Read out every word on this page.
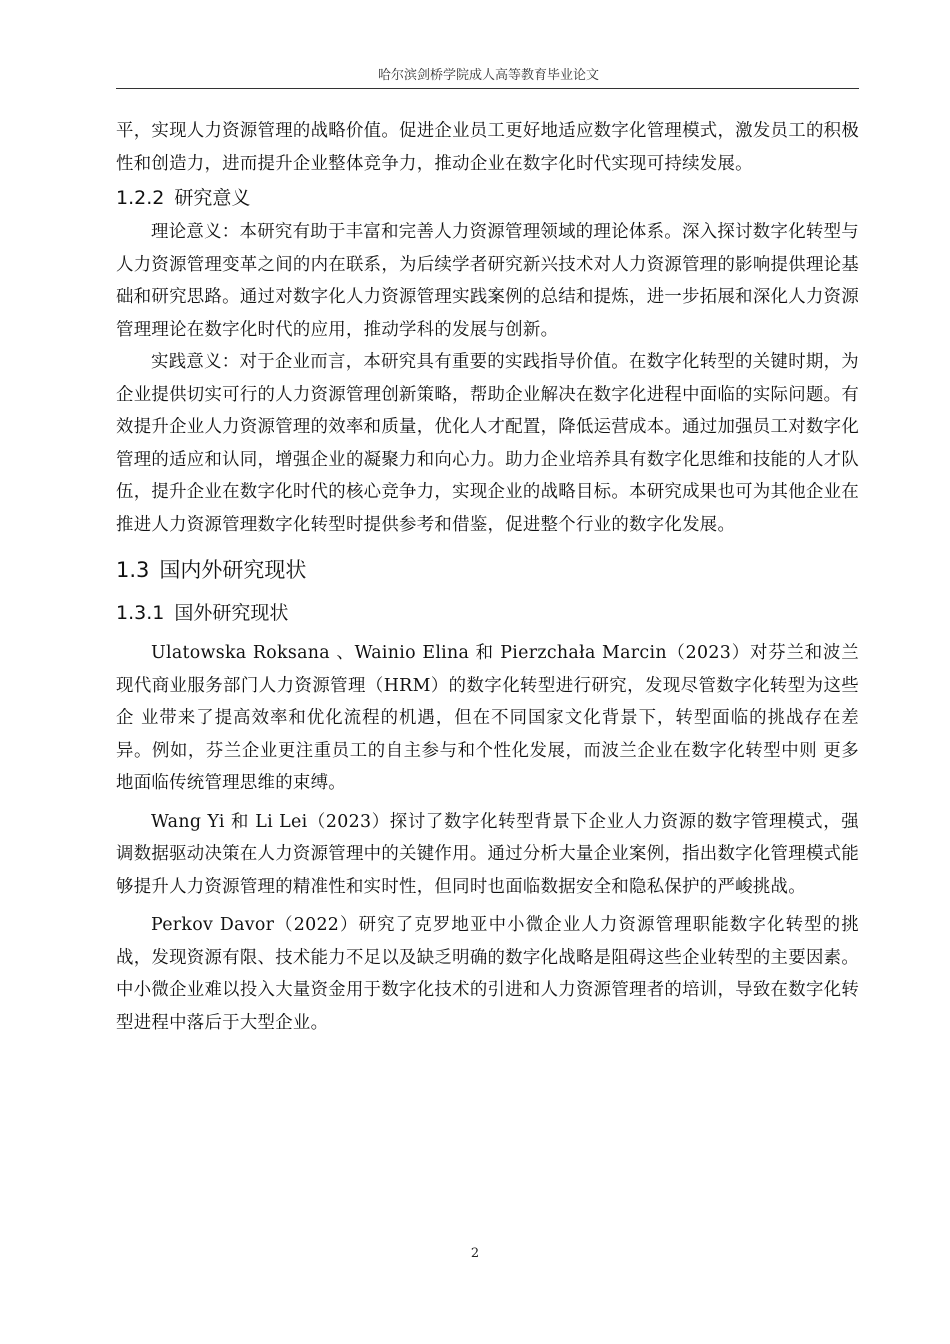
哈尔滨剑桥学院成人高等教育毕业论文

平，实现人力资源管理的战略价值。促进企业员工更好地适应数字化管理模式，激发员工的积极性和创造力，进而提升企业整体竞争力，推动企业在数字化时代实现可持续发展。

1.2.2 研究意义

理论意义：本研究有助于丰富和完善人力资源管理领域的理论体系。深入探讨数字化转型与人力资源管理变革之间的内在联系，为后续学者研究新兴技术对人力资源管理的影响提供理论基础和研究思路。通过对数字化人力资源管理实践案例的总结和提炼，进一步拓展和深化人力资源管理理论在数字化时代的应用，推动学科的发展与创新。

实践意义：对于企业而言，本研究具有重要的实践指导价值。在数字化转型的关键时期，为企业提供切实可行的人力资源管理创新策略，帮助企业解决在数字化进程中面临的实际问题。有效提升企业人力资源管理的效率和质量，优化人才配置，降低运营成本。通过加强员工对数字化管理的适应和认同，增强企业的凝聚力和向心力。助力企业培养具有数字化思维和技能的人才队伍，提升企业在数字化时代的核心竞争力，实现企业的战略目标。本研究成果也可为其他企业在推进人力资源管理数字化转型时提供参考和借鉴，促进整个行业的数字化发展。

1.3 国内外研究现状
1.3.1 国外研究现状

Ulatowska Roksana 、Wainio Elina 和 Pierzchała Marcin（2023）对芬兰和波兰现代商业服务部门人力资源管理（HRM）的数字化转型进行研究，发现尽管数字化转型为这些企 业带来了提高效率和优化流程的机遇，但在不同国家文化背景下，转型面临的挑战存在差 异。例如，芬兰企业更注重员工的自主参与和个性化发展，而波兰企业在数字化转型中则 更多地面临传统管理思维的束缚。

Wang Yi 和 Li Lei（2023）探讨了数字化转型背景下企业人力资源的数字管理模式，强调数据驱动决策在人力资源管理中的关键作用。通过分析大量企业案例，指出数字化管理模式能够提升人力资源管理的精准性和实时性，但同时也面临数据安全和隐私保护的严峻挑战。

Perkov Davor（2022）研究了克罗地亚中小微企业人力资源管理职能数字化转型的挑战，发现资源有限、技术能力不足以及缺乏明确的数字化战略是阻碍这些企业转型的主要因素。中小微企业难以投入大量资金用于数字化技术的引进和人力资源管理者的培训，导致在数字化转型进程中落后于大型企业。

2
